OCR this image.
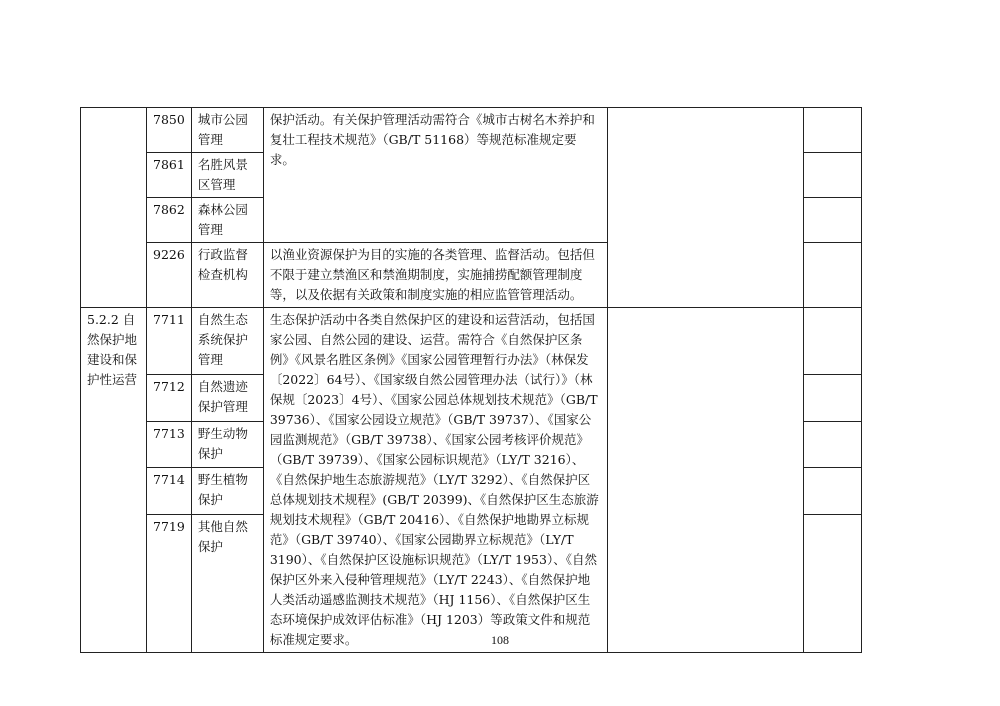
	7850	城市公园管理	保护活动。有关保护管理活动需符合《城市古树名木养护和复壮工程技术规范》（GB/T 51168）等规范标准规定要求。		
	7861	名胜风景区管理			
	7862	森林公园管理			
	9226	行政监督检查机构	以渔业资源保护为目的实施的各类管理、监督活动。包括但不限于建立禁渔区和禁渔期制度，实施捕捞配额管理制度等，以及依据有关政策和制度实施的相应监管管理活动。		
5.2.2 自然保护地建设和保护性运营	7711	自然生态系统保护管理	生态保护活动中各类自然保护区的建设和运营活动，包括国家公园、自然公园的建设、运营。需符合《自然保护区条例》《风景名胜区条例》《国家公园管理暂行办法》（林保发〔2022〕64号）、《国家级自然公园管理办法（试行）》（林保规〔2023〕4号）、《国家公园总体规划技术规范》（GB/T 39736）、《国家公园设立规范》（GB/T 39737）、《国家公园监测规范》（GB/T 39738）、《国家公园考核评价规范》（GB/T 39739）、《国家公园标识规范》（LY/T 3216）、《自然保护地生态旅游规范》（LY/T 3292）、《自然保护区总体规划技术规程》(GB/T 20399)、《自然保护区生态旅游规划技术规程》（GB/T 20416）、《自然保护地勘界立标规范》（GB/T 39740）、《国家公园勘界立标规范》（LY/T 3190）、《自然保护区设施标识规范》（LY/T 1953）、《自然保护区外来入侵种管理规范》（LY/T 2243）、《自然保护地人类活动遥感监测技术规范》（HJ 1156）、《自然保护区生态环境保护成效评估标准》（HJ 1203）等政策文件和规范标准规定要求。		
	7712	自然遗迹保护管理			
	7713	野生动物保护			
	7714	野生植物保护			
	7719	其他自然保护			
108
